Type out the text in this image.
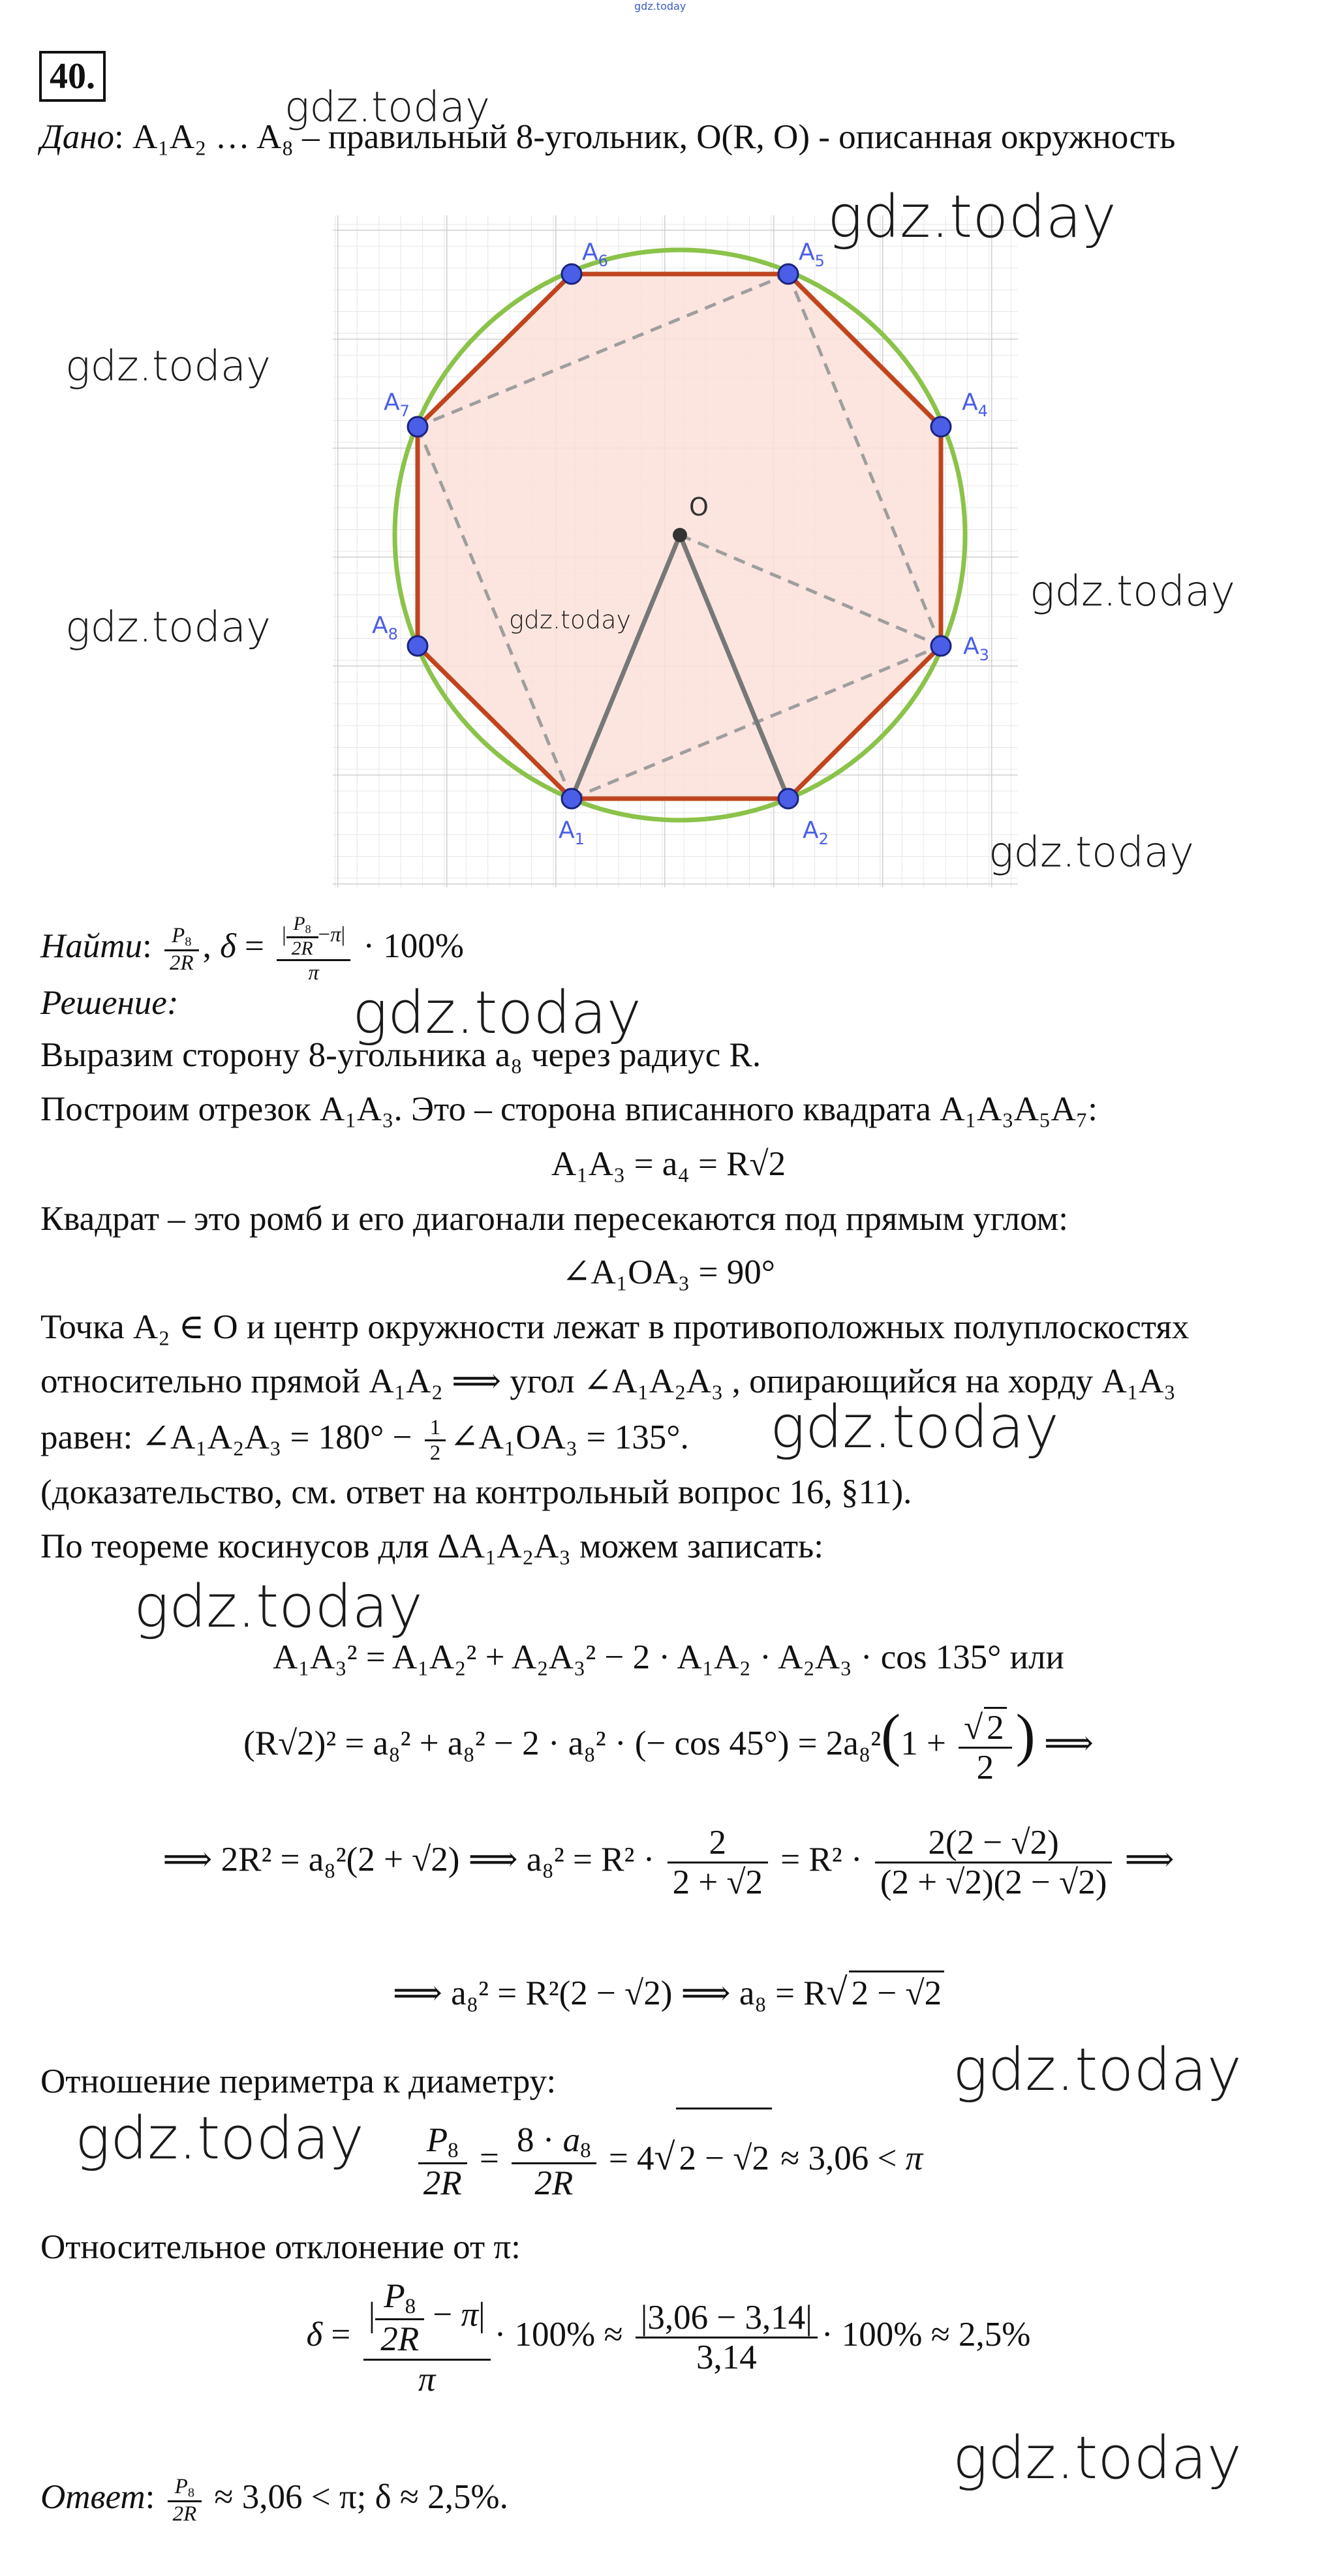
gdz.today
40.
Дано: A₁A₂ … A₈ – правильный 8-угольник, O(R, O) - описанная окружность
O
$A_1$	$A_2$
$A_3$
$A_4$
$A_5$
$A_6$
$A_7$
$A_8$
Найти: $\frac{P_8}{2R}$ , $\delta = \frac{| \frac{P_8}{2R} -\pi|}{\pi} \cdot 100\%$
Решение:
Выразим сторону 8-угольника a₈ через радиус R.
Построим отрезок A₁A₃. Это – сторона вписанного квадрата A₁A₃A₅A₇:
A₁A₃ = a₄ = R√2
Квадрат – это ромб и его диагонали пересекаются под прямым углом:
∠A₁OA₃ = 90°
Точка A₂ ∈ O и центр окружности лежат в противоположных полуплоскостях
относительно прямой A₁A₂ ⟹ угол ∠A₁A₂A₃ , опирающийся на хорду A₁A₃
равен: ∠A₁A₂A₃ = $180^\circ - \frac{1}{2}$ ∠A₁OA₃ = 135°.
(доказательство, см. ответ на контрольный вопрос 16, §11).
По теореме косинусов для ΔA₁A₂A₃ можем записать:
A₁A₃² = A₁A₂² + A₂A₃² − 2 · A₁A₂ · A₂A₃ · cos 135° или
(R√2)² = a₈² + a₈² − 2 · a₈² · (− $\cos 45^\circ) = 2a_8^2(1 + \frac{√ 2}{2}$ ) ⟹
⟹ 2R² = a₈²(2 + √2) ⟹ $a_8^2 = R^2 \cdot \frac{2}{2 + √2} = R^2 \cdot \frac{2(2 - √2)}{(2 + √2)(2 - √2)}$ ⟹
⟹ a₈² = R²(2 − √2) ⟹ a₈ = R√ 2 − √2
Отношение периметра к диаметру:
$\frac{P_8}{2R} = \frac{8 \cdot a_8}{2R} = 4√$ 2 − √2 ≈ 3,06 < π
Относительное отклонение от π:
$\delta = \frac{| \frac{P_8}{2R} - \pi|}{\pi} \cdot 100\% \approx \frac{|3,06 - 3,14|}{3,14} \cdot 100\% \approx 2,5\%$
Ответ: $\frac{P_8}{2R} \approx 3,06 < \pi$; δ ≈ 2,5%.
gdz.today
gdz.today
gdz.today
gdz.today
gdz.today	gdz.today
gdz.today
gdz.today
gdz.today
gdz.today
gdz.today
gdz.today
gdz.today
